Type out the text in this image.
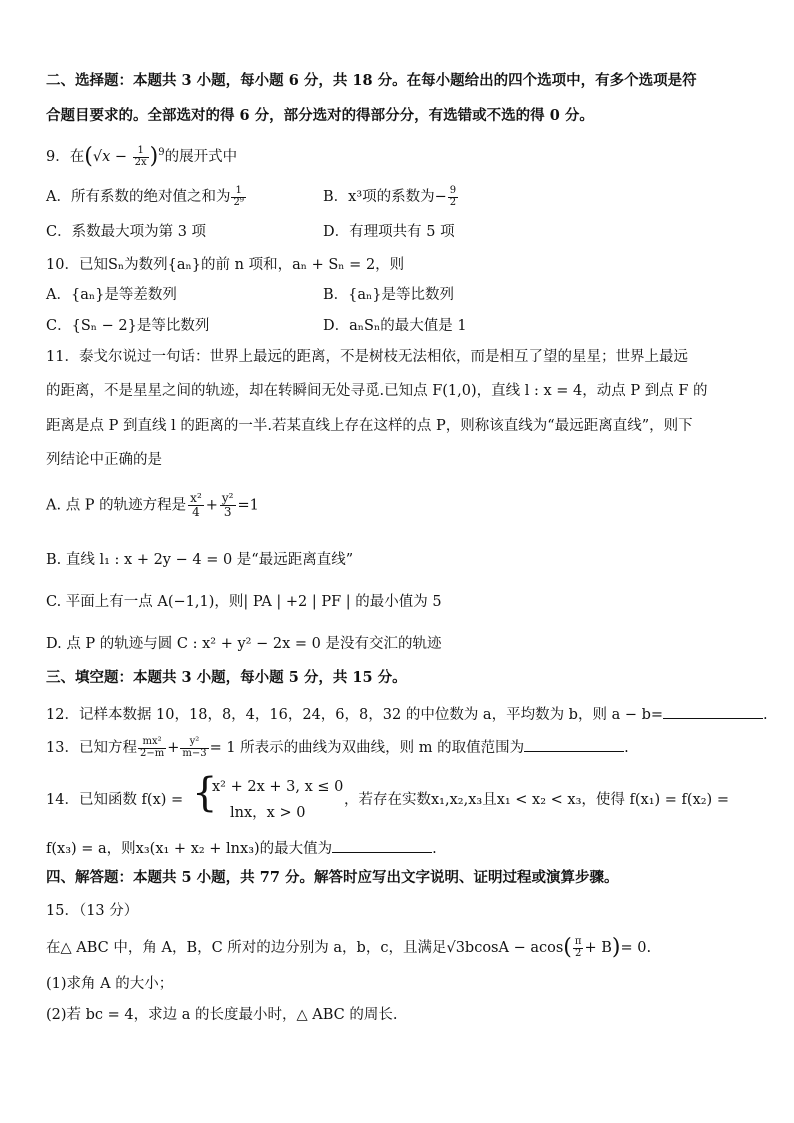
二、选择题：本题共 3 小题，每小题 6 分，共 18 分。在每小题给出的四个选项中，有多个选项是符
合题目要求的。全部选对的得 6 分，部分选对的得部分分，有选错或不选的得 0 分。
9．在$(√x - \frac{1}{2x} )^9$的展开式中
A．所有系数的绝对值之和为 $\frac{1}{\text{2⁹}}$	B．x³项的系数为− $\frac{9}{2}$
C．系数最大项为第 3 项	D．有理项共有 5 项
10．已知Sₙ为数列{aₙ}的前 n 项和，aₙ + Sₙ = 2，则
A．{aₙ}是等差数列	B．{aₙ}是等比数列
C．{Sₙ − 2}是等比数列	D．aₙSₙ的最大值是 1
11．泰戈尔说过一句话：世界上最远的距离，不是树枝无法相依，而是相互了望的星星；世界上最远
的距离，不是星星之间的轨迹，却在转瞬间无处寻觅.已知点 F(1,0)，直线 l : x = 4，动点 P 到点 F 的
距离是点 P 到直线 l 的距离的一半.若某直线上存在这样的点 P，则称该直线为“最远距离直线”，则下
列结论中正确的是
A. 点 P 的轨迹方程是 $\frac{\text{x²}}{4} + \frac{\text{y²}}{3} =1$
B. 直线 l₁ : x + 2y − 4 = 0 是“最远距离直线”
C. 平面上有一点 A(−1,1)，则| PA | +2 | PF | 的最小值为 5
D. 点 P 的轨迹与圆 C : x² + y² − 2x = 0 是没有交汇的轨迹
三、填空题：本题共 3 小题，每小题 5 分，共 15 分。
12．记样本数据 10，18，8，4，16，24，6，8，32 的中位数为 a，平均数为 b，则 a − b=	.
13．已知方程 $\frac{\text{mx²}}{2-m} + \frac{\text{y²}}{m-3} = 1$ 所表示的曲线为双曲线，则 m 的取值范围为	.
14．已知函数 f(x) = {
x² + 2x + 3, x ≤ 0
lnx，x > 0
，若存在实数x₁,x₂,x₃且x₁ < x₂ < x₃，使得 f(x₁) = f(x₂) =
f(x₃) = a，则x₃(x₁ + x₂ + lnx₃)的最大值为	.
四、解答题：本题共 5 小题，共 77 分。解答时应写出文字说明、证明过程或演算步骤。
15．（13 分）
在△ ABC 中，角 A，B，C 所对的边分别为 a，b，c，且满足$√3bcosA - acos( \frac{\pi}{2} + B)= 0$.
(1)求角 A 的大小；
(2)若 bc = 4，求边 a 的长度最小时，△ ABC 的周长.
